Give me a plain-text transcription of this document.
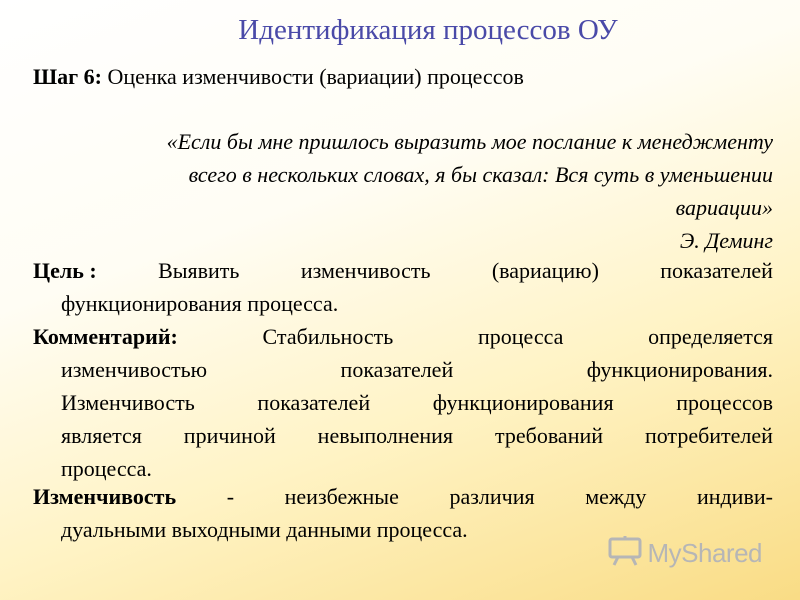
Идентификация процессов ОУ
Шаг 6: Оценка изменчивости (вариации) процессов
«Если бы мне пришлось выразить мое послание к менеджменту
всего в нескольких словах, я бы сказал: Вся суть в уменьшении
вариации»
Э. Деминг
Цель :	Выявить	изменчивость	(вариацию)	показателей
функционирования процесса.
Комментарий:	Стабильность	процесса	определяется
изменчивостью	показателей	функционирования.
Изменчивость	показателей	функционирования	процессов
является причиной невыполнения требований потребителей
процесса.
Изменчивость - неизбежные различия между индиви-
дуальными выходными данными процесса.
MyShared
